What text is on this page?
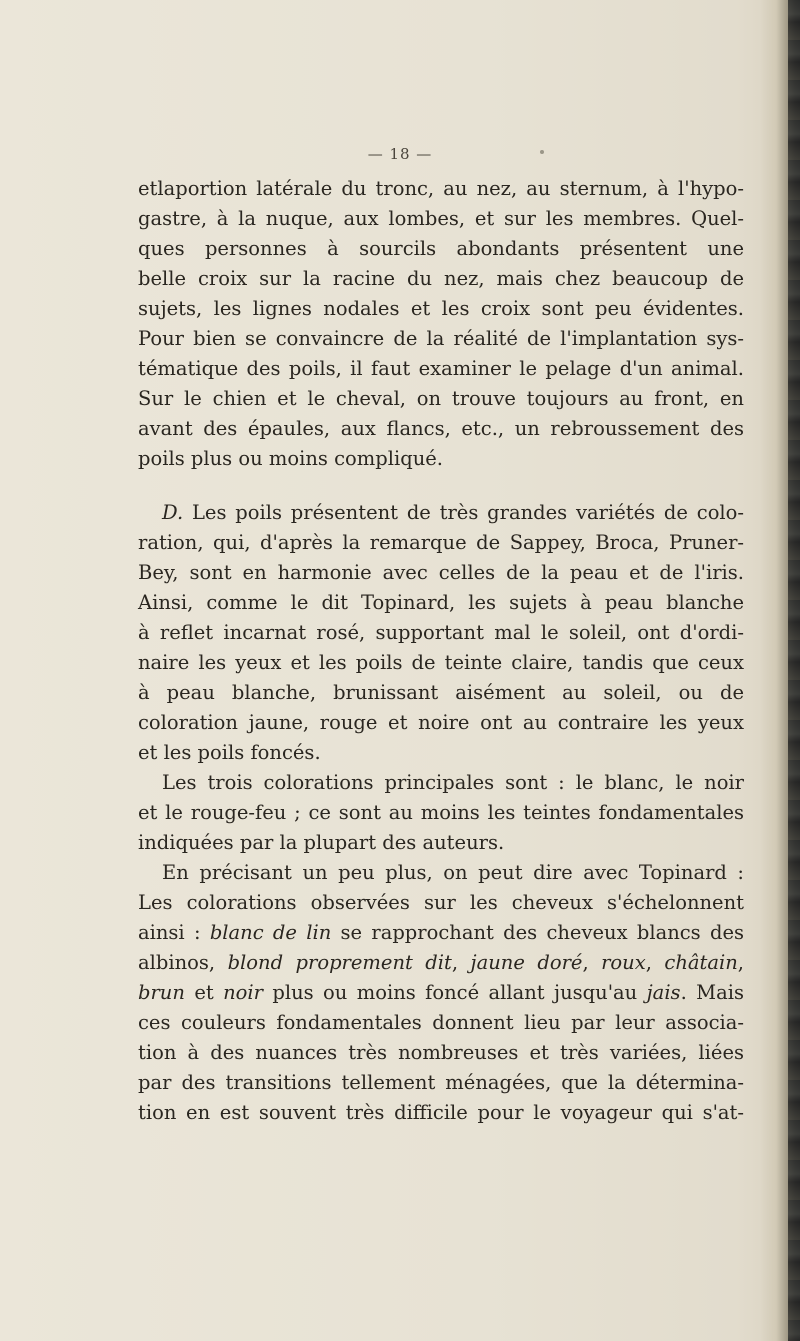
— 18 —
etlaportion latérale du tronc, au nez, au sternum, à l'hypo-
gastre, à la nuque, aux lombes, et sur les membres. Quel-
ques personnes à sourcils abondants présentent une
belle croix sur la racine du nez, mais chez beaucoup de
sujets, les lignes nodales et les croix sont peu évidentes.
Pour bien se convaincre de la réalité de l'implantation sys-
tématique des poils, il faut examiner le pelage d'un animal.
Sur le chien et le cheval, on trouve toujours au front, en
avant des épaules, aux flancs, etc., un rebroussement des
poils plus ou moins compliqué.
D. Les poils présentent de très grandes variétés de colo-
ration, qui, d'après la remarque de Sappey, Broca, Pruner-
Bey, sont en harmonie avec celles de la peau et de l'iris.
Ainsi, comme le dit Topinard, les sujets à peau blanche
à reflet incarnat rosé, supportant mal le soleil, ont d'ordi-
naire les yeux et les poils de teinte claire, tandis que ceux
à peau blanche, brunissant aisément au soleil, ou de
coloration jaune, rouge et noire ont au contraire les yeux
et les poils foncés.
Les trois colorations principales sont : le blanc, le noir
et le rouge-feu ; ce sont au moins les teintes fondamentales
indiquées par la plupart des auteurs.
En précisant un peu plus, on peut dire avec Topinard :
Les colorations observées sur les cheveux s'échelonnent
ainsi : blanc de lin se rapprochant des cheveux blancs des
albinos, blond proprement dit, jaune doré, roux, châtain,
brun et noir plus ou moins foncé allant jusqu'au jais. Mais
ces couleurs fondamentales donnent lieu par leur associa-
tion à des nuances très nombreuses et très variées, liées
par des transitions tellement ménagées, que la détermina-
tion en est souvent très difficile pour le voyageur qui s'at-
